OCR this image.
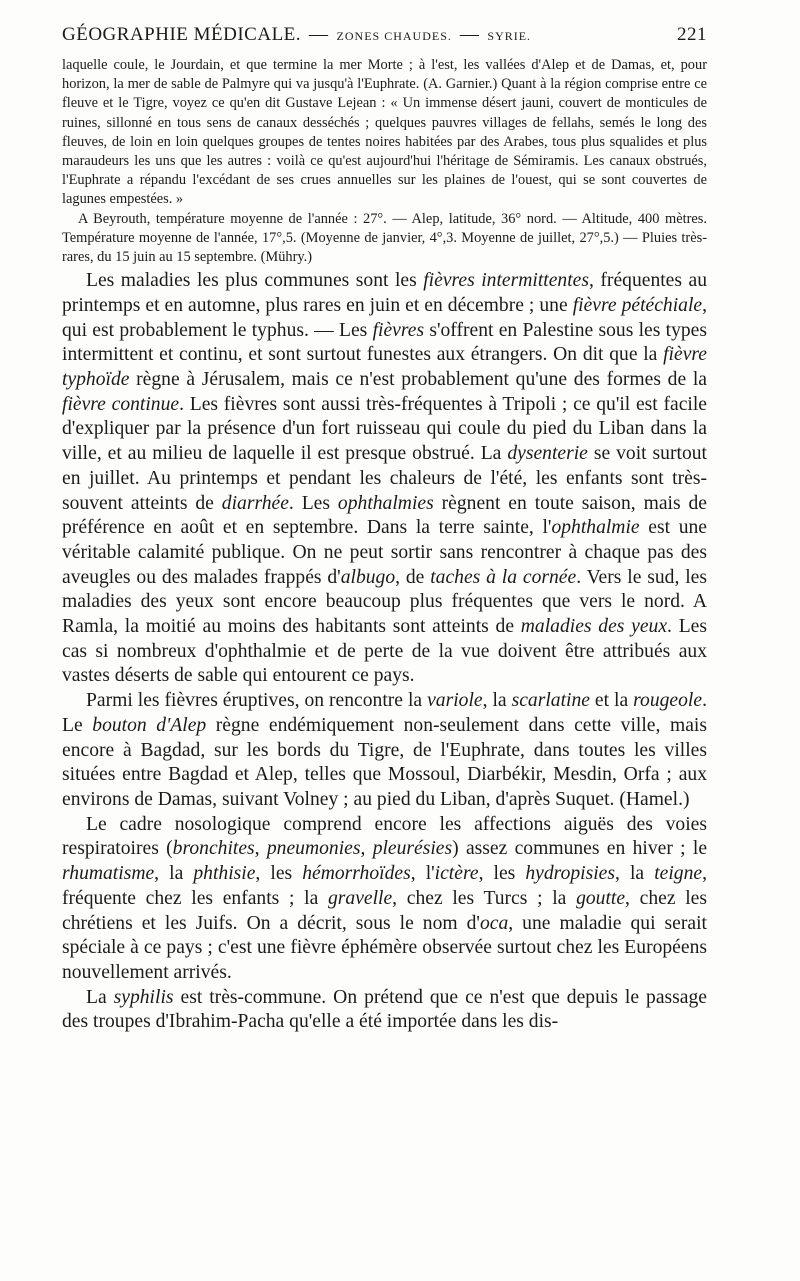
GÉOGRAPHIE MÉDICALE. — ZONES CHAUDES. — SYRIE.	221

laquelle coule, le Jourdain, et que termine la mer Morte ; à l'est, les vallées d'Alep et de Damas, et, pour horizon, la mer de sable de Palmyre qui va jusqu'à l'Euphrate. (A. Garnier.) Quant à la région comprise entre ce fleuve et le Tigre, voyez ce qu'en dit Gustave Lejean : « Un immense désert jauni, couvert de monticules de ruines, sillonné en tous sens de canaux desséchés ; quelques pauvres villages de fellahs, semés le long des fleuves, de loin en loin quelques groupes de tentes noires habitées par des Arabes, tous plus squalides et plus maraudeurs les uns que les autres : voilà ce qu'est aujourd'hui l'héritage de Sémiramis. Les canaux obstrués, l'Euphrate a répandu l'excédant de ses crues annuelles sur les plaines de l'ouest, qui se sont couvertes de lagunes empestées. »

A Beyrouth, température moyenne de l'année : 27°. — Alep, latitude, 36° nord. — Altitude, 400 mètres. Température moyenne de l'année, 17°,5. (Moyenne de janvier, 4°,3. Moyenne de juillet, 27°,5.) — Pluies très-rares, du 15 juin au 15 septembre. (Mühry.)

Les maladies les plus communes sont les fièvres intermittentes, fréquentes au printemps et en automne, plus rares en juin et en décembre ; une fièvre pétéchiale, qui est probablement le typhus. — Les fièvres s'offrent en Palestine sous les types intermittent et continu, et sont surtout funestes aux étrangers. On dit que la fièvre typhoïde règne à Jérusalem, mais ce n'est probablement qu'une des formes de la fièvre continue. Les fièvres sont aussi très-fréquentes à Tripoli ; ce qu'il est facile d'expliquer par la présence d'un fort ruisseau qui coule du pied du Liban dans la ville, et au milieu de laquelle il est presque obstrué. La dysenterie se voit surtout en juillet. Au printemps et pendant les chaleurs de l'été, les enfants sont très-souvent atteints de diarrhée. Les ophthalmies règnent en toute saison, mais de préférence en août et en septembre. Dans la terre sainte, l'ophthalmie est une véritable calamité publique. On ne peut sortir sans rencontrer à chaque pas des aveugles ou des malades frappés d'albugo, de taches à la cornée. Vers le sud, les maladies des yeux sont encore beaucoup plus fréquentes que vers le nord. A Ramla, la moitié au moins des habitants sont atteints de maladies des yeux. Les cas si nombreux d'ophthalmie et de perte de la vue doivent être attribués aux vastes déserts de sable qui entourent ce pays.

Parmi les fièvres éruptives, on rencontre la variole, la scarlatine et la rougeole. Le bouton d'Alep règne endémiquement non-seulement dans cette ville, mais encore à Bagdad, sur les bords du Tigre, de l'Euphrate, dans toutes les villes situées entre Bagdad et Alep, telles que Mossoul, Diarbékir, Mesdin, Orfa ; aux environs de Damas, suivant Volney ; au pied du Liban, d'après Suquet. (Hamel.)

Le cadre nosologique comprend encore les affections aiguës des voies respiratoires (bronchites, pneumonies, pleurésies) assez communes en hiver ; le rhumatisme, la phthisie, les hémorrhoïdes, l'ictère, les hydropisies, la teigne, fréquente chez les enfants ; la gravelle, chez les Turcs ; la goutte, chez les chrétiens et les Juifs. On a décrit, sous le nom d'oca, une maladie qui serait spéciale à ce pays ; c'est une fièvre éphémère observée surtout chez les Européens nouvellement arrivés.

La syphilis est très-commune. On prétend que ce n'est que depuis le passage des troupes d'Ibrahim-Pacha qu'elle a été importée dans les dis-
